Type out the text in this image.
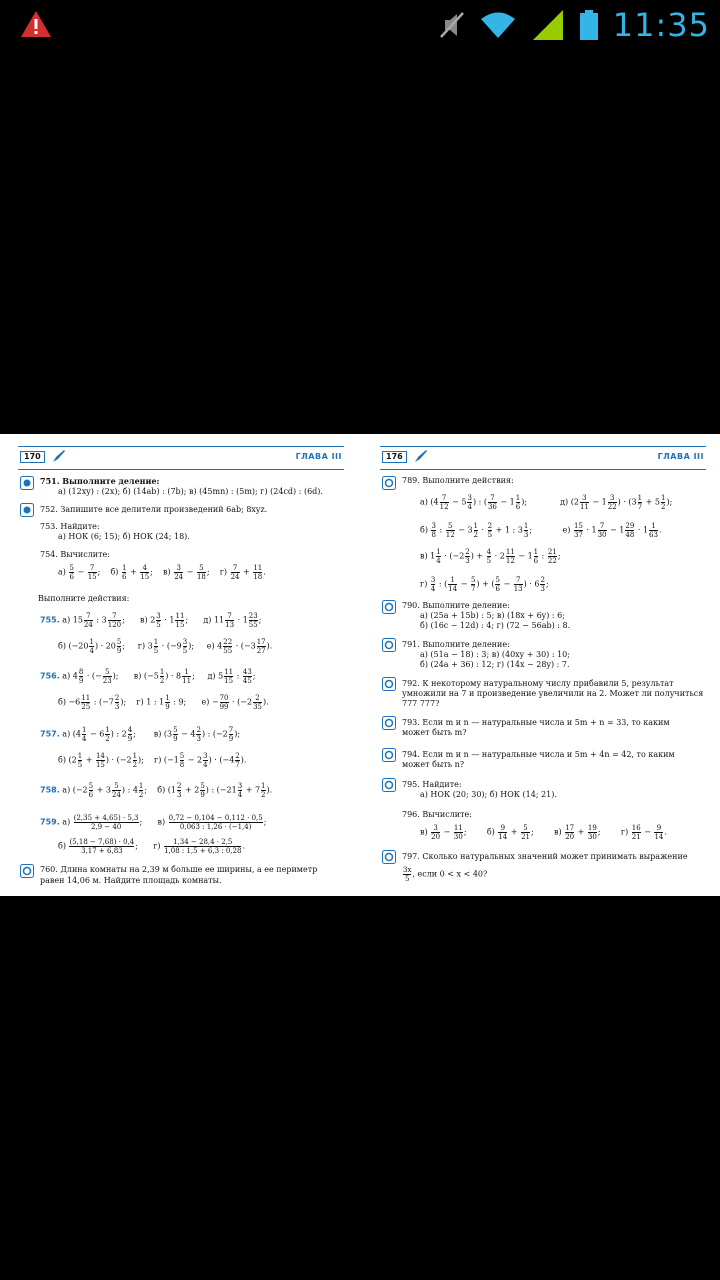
11:35
170	ГЛАВА III
751. Выполните деление:
а) (12xy) : (2x); б) (14ab) : (7b); в) (45mn) : (5m); г) (24cd) : (6d).
752. Запишите все делители произведений 6ab; 8xyz.
753. Найдите:
а) НОК (6; 15); б) НОК (24; 18).
754. Вычислите:
$а) \frac{5}{6} - \frac{7}{15}$ ;    $б) \frac{1}{6} + \frac{4}{15}$ ;    $в) \frac{3}{24} - \frac{5}{18}$ ;    $г) \frac{7}{24} + \frac{11}{18}$ .
Выполните действия:
755. а) $15 \frac{7}{24}$ : $3 \frac{7}{120}$ ;      в) $2 \frac{3}{5} \cdot 1 \frac{11}{15}$ ;      д) $11 \frac{7}{13} \cdot 1 \frac{23}{55}$ ;
б) ($-20 \frac{1}{4}$ ) · $20 \frac{5}{9}$ ;     г) $3 \frac{1}{5} \cdot (-9 \frac{3}{5}$ );     е) $4 \frac{22}{55} \cdot (-3 \frac{17}{27}$ ).
756. а) $4 \frac{8}{9}$ · (− $\frac{5}{23}$ );      в) ($-5 \frac{1}{2}$ ) · $8 \frac{1}{11}$ ;     д) $5 \frac{11}{15}$ : $\frac{43}{45}$ ;
$б) -6 \frac{11}{25}$ : ($-7 \frac{2}{3}$ );    г) 1 : $1 \frac{1}{9}$ : 9;      $е) - \frac{70}{99} \cdot (-2 \frac{2}{35}$ ).
757. а) ($4 \frac{1}{4} - 6 \frac{1}{2}$ ) : $2 \frac{4}{9}$ ;       в) ($3 \frac{5}{9} - 4 \frac{2}{3}$ ) : ($-2 \frac{7}{9}$ );
б) ($2 \frac{1}{5} + \frac{14}{15}$ ) · ($-2 \frac{1}{2}$ );    г) ($-1 \frac{5}{8} - 2 \frac{3}{4}$ ) · ($-4 \frac{2}{7}$ ).
758. а) ($-2 \frac{5}{6} + 3 \frac{5}{24}$ ) : $4 \frac{1}{2}$ ;    б) ($1 \frac{2}{3} + 2 \frac{5}{9}$ ) : ($-21 \frac{3}{4} + 7 \frac{1}{2}$ ).
759. $а) \frac{(2,35 + 4,65) \cdot 5,3}{2,9 - 40}$ ;      $в) \frac{0,72 - 0,104 - 0,112 \cdot 0,5}{0,063 : 1,26 \cdot (-1,4)}$ ;
$б) \frac{(5,18 - 7,68) \cdot 0,4}{3,17 + 6,83}$ ;      $г) \frac{1,34 - 28,4 \cdot 2,5}{1,08 : 1,5 + 6,3 : 0,28}$ .
760. Длина комнаты на 2,39 м больше ее ширины, а ее периметр
равен 14,06 м. Найдите площадь комнаты.
176	ГЛАВА III
789. Выполните действия:
а) ($4 \frac{7}{12} - 5 \frac{3}{4}$ ) : ( $\frac{7}{36} - 1 \frac{1}{6}$ );             д) ($2 \frac{3}{11} - 1 \frac{3}{22}$ ) · ($3 \frac{1}{7} + 5 \frac{1}{2}$ );
$б) \frac{3}{8}$ : $\frac{5}{12} - 3 \frac{1}{2} \cdot \frac{2}{5} + 1$ : $3 \frac{1}{3}$ ;            $е) \frac{15}{37} \cdot 1 \frac{7}{30} - 1 \frac{29}{48} \cdot 1 \frac{1}{63}$ .
в) $1 \frac{1}{4} \cdot (-2 \frac{2}{3}$ ) + $\frac{4}{5} \cdot 2 \frac{11}{12} - 1 \frac{1}{6}$ : $\frac{21}{22}$ ;
$г) \frac{3}{4}$ : ( $\frac{1}{14} - \frac{5}{7}$ ) + ( $\frac{5}{6} - \frac{7}{13}$ ) · $6 \frac{2}{3}$ ;
790. Выполните деление:
а) (25a + 15b) : 5; в) (18x + 6y) : 6;
б) (16c − 12d) : 4; г) (72 − 56ab) : 8.
791. Выполните деление:
а) (51a − 18) : 3; в) (40xy + 30) : 10;
б) (24a + 36) : 12; г) (14x − 28y) : 7.
792. К некоторому натуральному числу прибавили 5, результат
умножили на 7 и произведение увеличили на 2. Может ли получиться
777 777?
793. Если m и n — натуральные числа и 5m + n = 33, то каким
может быть m?
794. Если m и n — натуральные числа и 5m + 4n = 42, то каким
может быть n?
795. Найдите:
а) НОК (20; 30); б) НОК (14; 21).
796. Вычислите:
$в) \frac{3}{20} - \frac{11}{30}$ ;        $б) \frac{9}{14} + \frac{5}{21}$ ;        $в) \frac{17}{20} + \frac{19}{30}$ ;        $г) \frac{16}{21} - \frac{9}{14}$ .
797. Сколько натуральных значений может принимать выражение
$\frac{3x}{5}$ , если 0 < x < 40?
